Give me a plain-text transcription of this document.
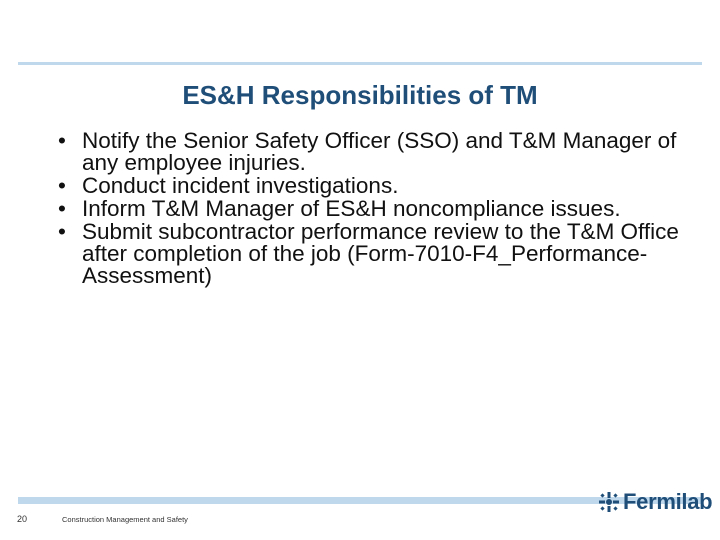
ES&H Responsibilities of TM
• Notify the Senior Safety Officer (SSO) and T&M Manager of any employee injuries.
• Conduct incident investigations.
• Inform T&M Manager of ES&H noncompliance issues.
• Submit subcontractor performance review to the T&M Office after completion of the job (Form-7010-F4_Performance-Assessment)
20	Construction Management and Safety
Fermilab
